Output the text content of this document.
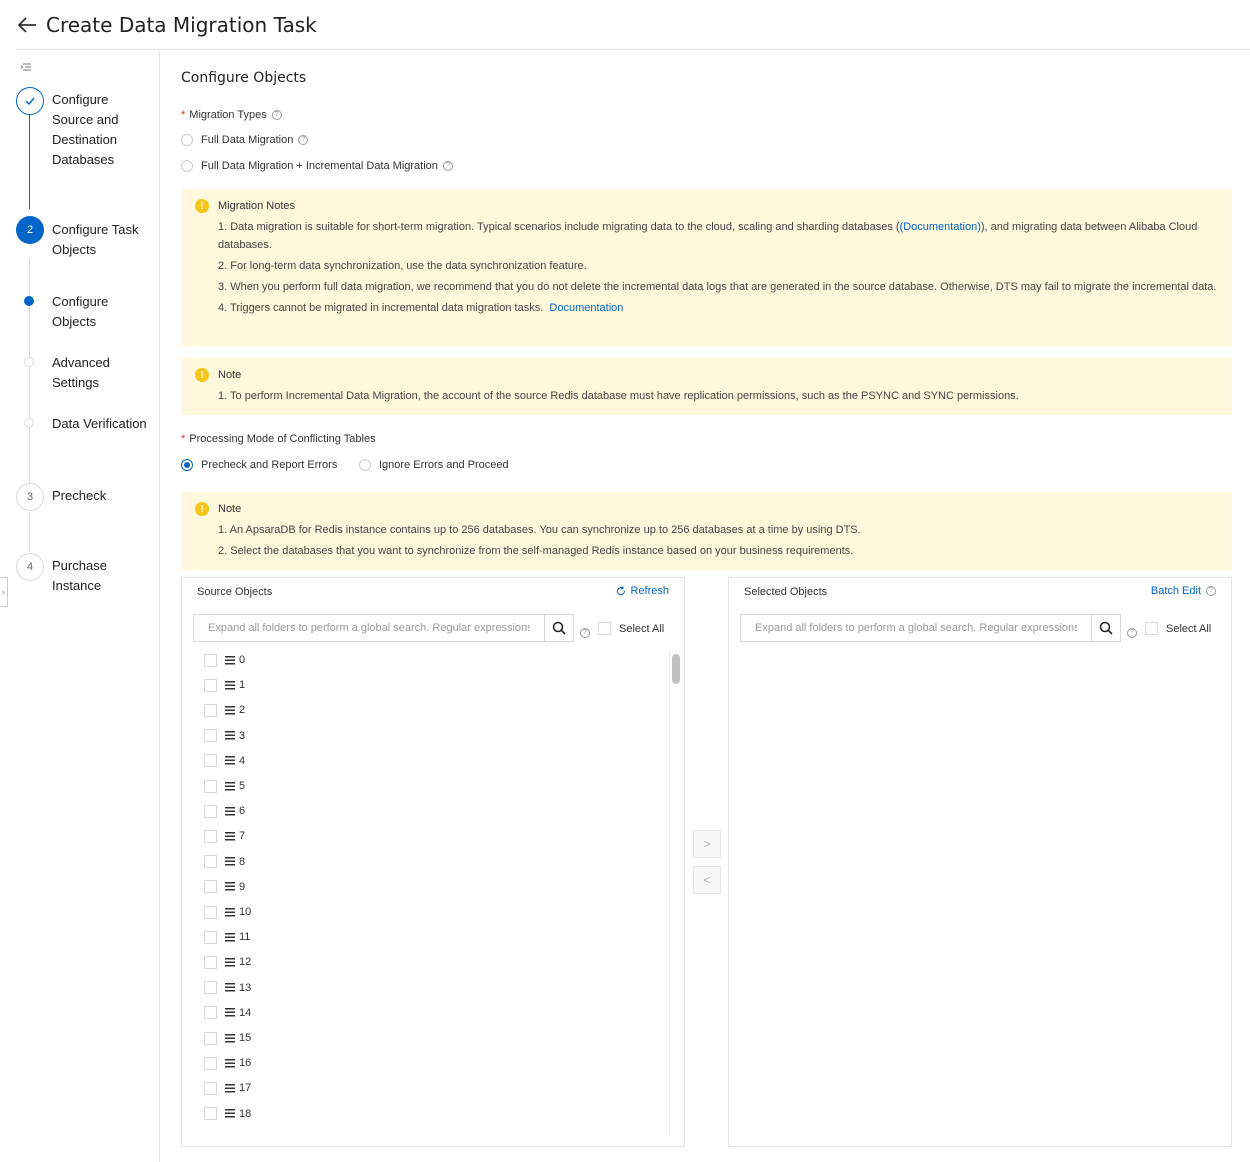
Create Data Migration Task
Configure Source and Destination Databases
2	Configure Task Objects
Configure Objects
Advanced Settings
Data Verification
3	Precheck
4	Purchase Instance
›
Configure Objects
* Migration Types ?
Full Data Migration	?
Full Data Migration + Incremental Data Migration	?
!	Migration Notes
1. Data migration is suitable for short-term migration. Typical scenarios include migrating data to the cloud, scaling and sharding databases ((Documentation)), and migrating data between Alibaba Cloud databases.
2. For long-term data synchronization, use the data synchronization feature.
3. When you perform full data migration, we recommend that you do not delete the incremental data logs that are generated in the source database. Otherwise, DTS may fail to migrate the incremental data.
4. Triggers cannot be migrated in incremental data migration tasks. Documentation
!	Note
1. To perform Incremental Data Migration, the account of the source Redis database must have replication permissions, such as the PSYNC and SYNC permissions.
* Processing Mode of Conflicting Tables
Precheck and Report Errors	Ignore Errors and Proceed
!	Note
1. An ApsaraDB for Redis instance contains up to 256 databases. You can synchronize up to 256 databases at a time by using DTS.
2. Select the databases that you want to synchronize from the self-managed Redis instance based on your business requirements.
Source Objects	Refresh
Expand all folders to perform a global search. Regular expressions are supported.
?	Select All
0
1
2
3
4
5
6
7
8
9
10
11
12
13
14
15
16
17
18
>
<
Selected Objects	Batch Edit	?
Expand all folders to perform a global search. Regular expressions are supported.
?	Select All
